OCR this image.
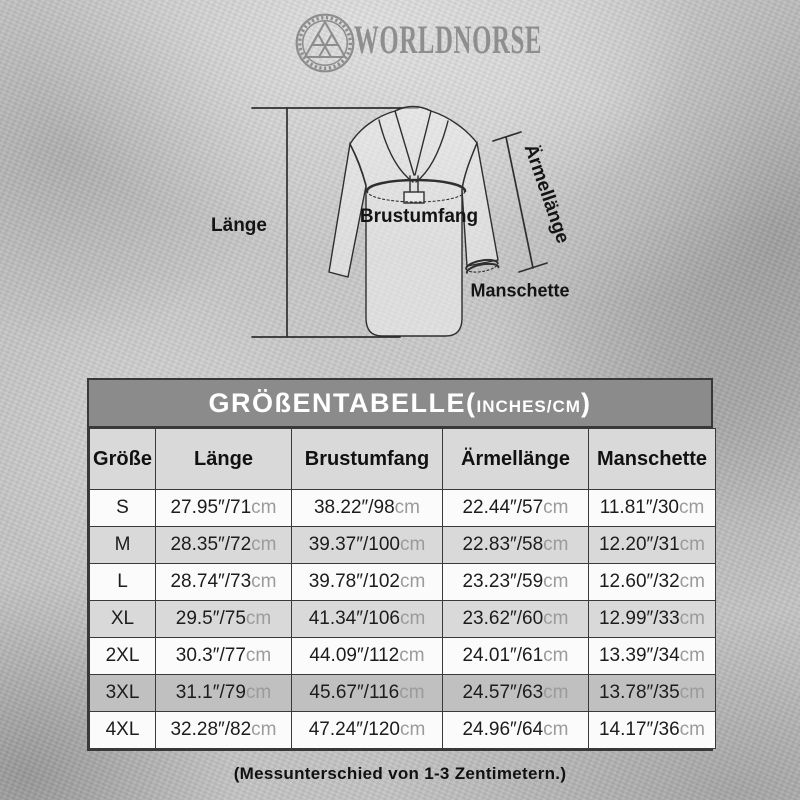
WORLDNORSE
Länge	Brustumfang Ärmellänge
Manschette
GRÖßENTABELLE( INCHES/CM )
Größe	Länge	Brustumfang	Ärmellänge	Manschette
S	27.95″/71cm	38.22″/98cm	22.44″/57cm	11.81″/30cm
M	28.35″/72cm	39.37″/100cm	22.83″/58cm	12.20″/31cm
L	28.74″/73cm	39.78″/102cm	23.23″/59cm	12.60″/32cm
XL	29.5″/75cm	41.34″/106cm	23.62″/60cm	12.99″/33cm
2XL	30.3″/77cm	44.09″/112cm	24.01″/61cm	13.39″/34cm
3XL	31.1″/79cm	45.67″/116cm	24.57″/63cm	13.78″/35cm
4XL	32.28″/82cm	47.24″/120cm	24.96″/64cm	14.17″/36cm
(Messunterschied von 1-3 Zentimetern.)
